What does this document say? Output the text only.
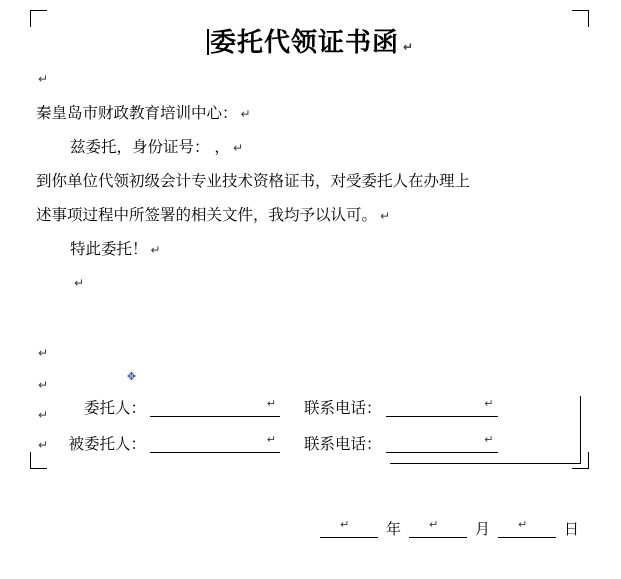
委托代领证书函 ↵
↵
秦皇岛市财政教育培训中心： ↵
兹委托，身份证号： ， ↵
到你单位代领初级会计专业技术资格证书，对受委托人在办理上
述事项过程中所签署的相关文件，我均予以认可。 ↵
特此委托！ ↵
↵
↵
↵
↵
↵
✥
委托人：	↵ 联系电话：	↵
被委托人：	↵ 联系电话：	↵
↵ 年	↵ 月	↵ 日
